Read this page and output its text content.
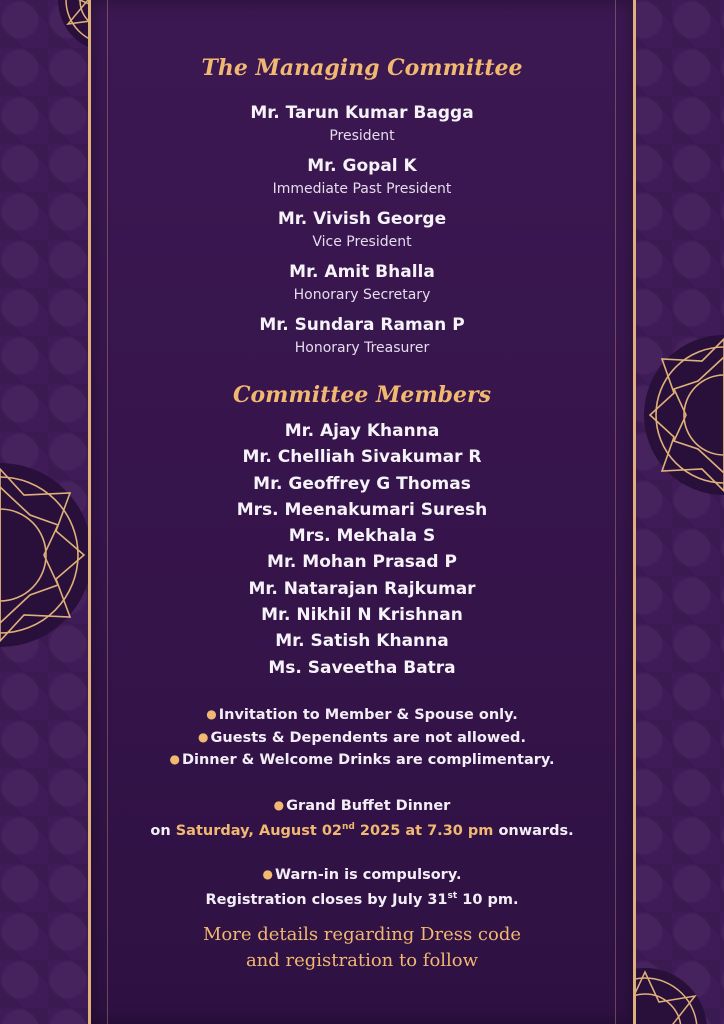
The Managing Committee
Mr. Tarun Kumar Bagga
President
Mr. Gopal K
Immediate Past President
Mr. Vivish George
Vice President
Mr. Amit Bhalla
Honorary Secretary
Mr. Sundara Raman P
Honorary Treasurer
Committee Members
Mr. Ajay Khanna
Mr. Chelliah Sivakumar R
Mr. Geoffrey G Thomas
Mrs. Meenakumari Suresh
Mrs. Mekhala S
Mr. Mohan Prasad P
Mr. Natarajan Rajkumar
Mr. Nikhil N Krishnan
Mr. Satish Khanna
Ms. Saveetha Batra
● Invitation to Member & Spouse only.
● Guests & Dependents are not allowed.
● Dinner & Welcome Drinks are complimentary.
● Grand Buffet Dinner
on Saturday, August 02nd 2025 at 7.30 pm onwards.
● Warn-in is compulsory.
Registration closes by July 31st 10 pm.
More details regarding Dress code
and registration to follow
